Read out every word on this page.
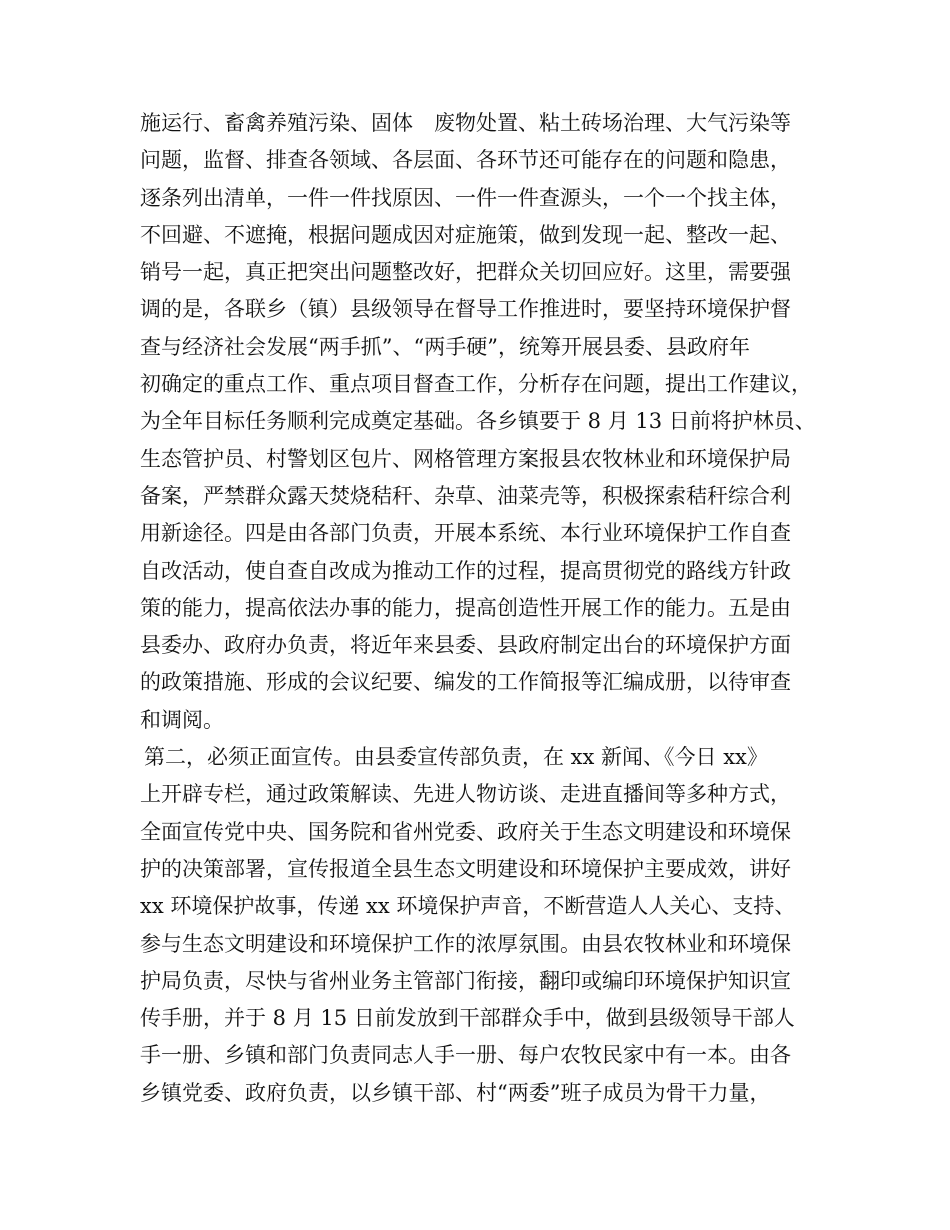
施运行、畜禽养殖污染、固体　废物处置、粘土砖场治理、大气污染等
问题，监督、排查各领域、各层面、各环节还可能存在的问题和隐患，
逐条列出清单，一件一件找原因、一件一件查源头，一个一个找主体，
不回避、不遮掩，根据问题成因对症施策，做到发现一起、整改一起、
销号一起，真正把突出问题整改好，把群众关切回应好。这里，需要强
调的是，各联乡（镇）县级领导在督导工作推进时，要坚持环境保护督
查与经济社会发展“两手抓”、“两手硬”，统筹开展县委、县政府年
初确定的重点工作、重点项目督查工作，分析存在问题，提出工作建议，
为全年目标任务顺利完成奠定基础。各乡镇要于 8 月 13 日前将护林员、
生态管护员、村警划区包片、网格管理方案报县农牧林业和环境保护局
备案，严禁群众露天焚烧秸秆、杂草、油菜壳等，积极探索秸秆综合利
用新途径。四是由各部门负责，开展本系统、本行业环境保护工作自查
自改活动，使自查自改成为推动工作的过程，提高贯彻党的路线方针政
策的能力，提高依法办事的能力，提高创造性开展工作的能力。五是由
县委办、政府办负责，将近年来县委、县政府制定出台的环境保护方面
的政策措施、形成的会议纪要、编发的工作简报等汇编成册，以待审查
和调阅。
第二，必须正面宣传。由县委宣传部负责，在 xx 新闻、《今日 xx》
上开辟专栏，通过政策解读、先进人物访谈、走进直播间等多种方式，
全面宣传党中央、国务院和省州党委、政府关于生态文明建设和环境保
护的决策部署，宣传报道全县生态文明建设和环境保护主要成效，讲好
xx 环境保护故事，传递 xx 环境保护声音，不断营造人人关心、支持、
参与生态文明建设和环境保护工作的浓厚氛围。由县农牧林业和环境保
护局负责，尽快与省州业务主管部门衔接，翻印或编印环境保护知识宣
传手册，并于 8 月 15 日前发放到干部群众手中，做到县级领导干部人
手一册、乡镇和部门负责同志人手一册、每户农牧民家中有一本。由各
乡镇党委、政府负责，以乡镇干部、村“两委”班子成员为骨干力量，
